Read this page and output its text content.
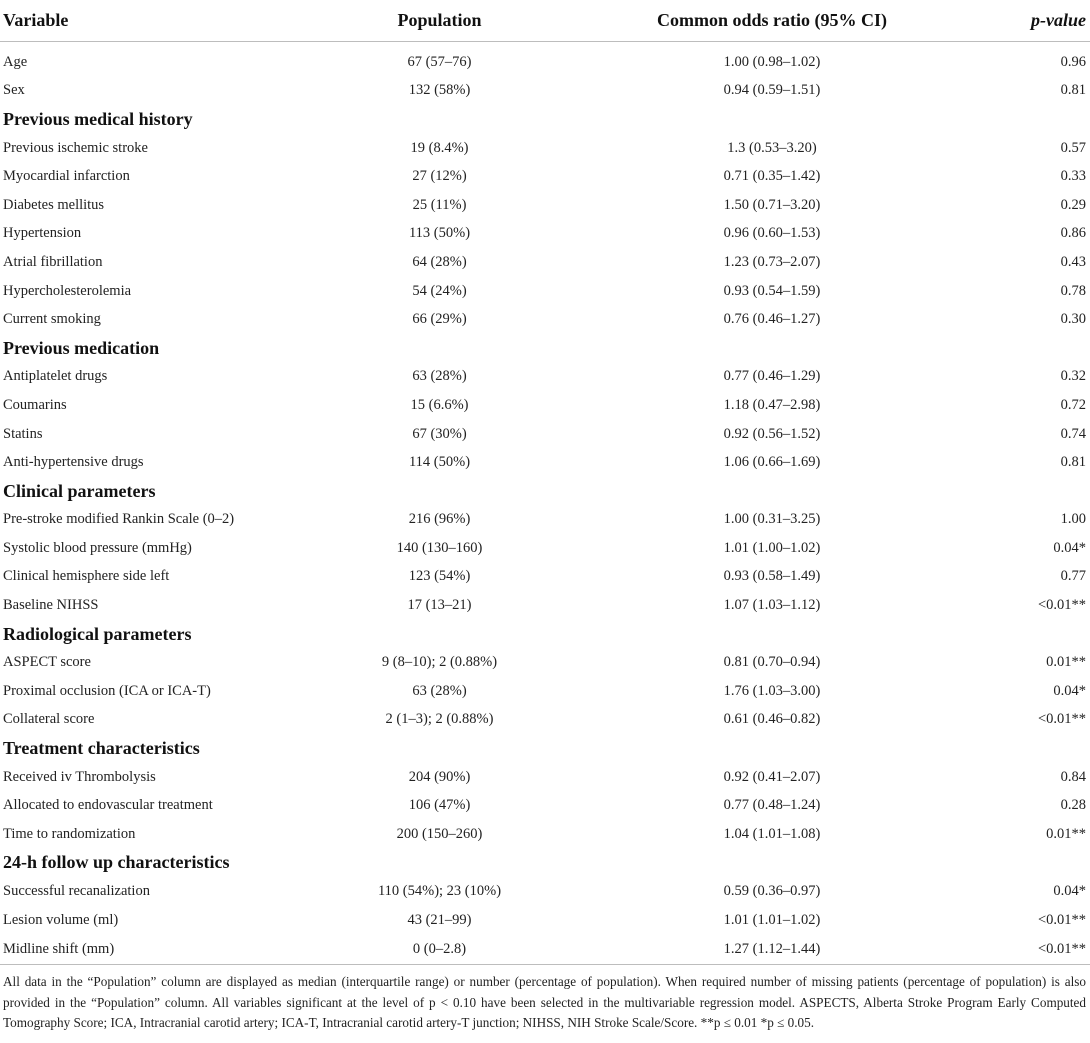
Variable	Population	Common odds ratio (95% CI)	p-value

Age	67 (57–76)	1.00 (0.98–1.02)	0.96
Sex	132 (58%)	0.94 (0.59–1.51)	0.81
Previous medical history			
Previous ischemic stroke	19 (8.4%)	1.3 (0.53–3.20)	0.57
Myocardial infarction	27 (12%)	0.71 (0.35–1.42)	0.33
Diabetes mellitus	25 (11%)	1.50 (0.71–3.20)	0.29
Hypertension	113 (50%)	0.96 (0.60–1.53)	0.86
Atrial fibrillation	64 (28%)	1.23 (0.73–2.07)	0.43
Hypercholesterolemia	54 (24%)	0.93 (0.54–1.59)	0.78
Current smoking	66 (29%)	0.76 (0.46–1.27)	0.30
Previous medication			
Antiplatelet drugs	63 (28%)	0.77 (0.46–1.29)	0.32
Coumarins	15 (6.6%)	1.18 (0.47–2.98)	0.72
Statins	67 (30%)	0.92 (0.56–1.52)	0.74
Anti-hypertensive drugs	114 (50%)	1.06 (0.66–1.69)	0.81
Clinical parameters			
Pre-stroke modified Rankin Scale (0–2)	216 (96%)	1.00 (0.31–3.25)	1.00
Systolic blood pressure (mmHg)	140 (130–160)	1.01 (1.00–1.02)	0.04*
Clinical hemisphere side left	123 (54%)	0.93 (0.58–1.49)	0.77
Baseline NIHSS	17 (13–21)	1.07 (1.03–1.12)	<0.01**
Radiological parameters			
ASPECT score	9 (8–10); 2 (0.88%)	0.81 (0.70–0.94)	0.01**
Proximal occlusion (ICA or ICA-T)	63 (28%)	1.76 (1.03–3.00)	0.04*
Collateral score	2 (1–3); 2 (0.88%)	0.61 (0.46–0.82)	<0.01**
Treatment characteristics			
Received iv Thrombolysis	204 (90%)	0.92 (0.41–2.07)	0.84
Allocated to endovascular treatment	106 (47%)	0.77 (0.48–1.24)	0.28
Time to randomization	200 (150–260)	1.04 (1.01–1.08)	0.01**
24-h follow up characteristics			
Successful recanalization	110 (54%); 23 (10%)	0.59 (0.36–0.97)	0.04*
Lesion volume (ml)	43 (21–99)	1.01 (1.01–1.02)	<0.01**
Midline shift (mm)	0 (0–2.8)	1.27 (1.12–1.44)	<0.01**
All data in the “Population” column are displayed as median (interquartile range) or number (percentage of population). When required number of missing patients (percentage of population) is also provided in the “Population” column. All variables significant at the level of p < 0.10 have been selected in the multivariable regression model. ASPECTS, Alberta Stroke Program Early Computed Tomography Score; ICA, Intracranial carotid artery; ICA-T, Intracranial carotid artery-T junction; NIHSS, NIH Stroke Scale/Score. **p ≤ 0.01 *p ≤ 0.05.
